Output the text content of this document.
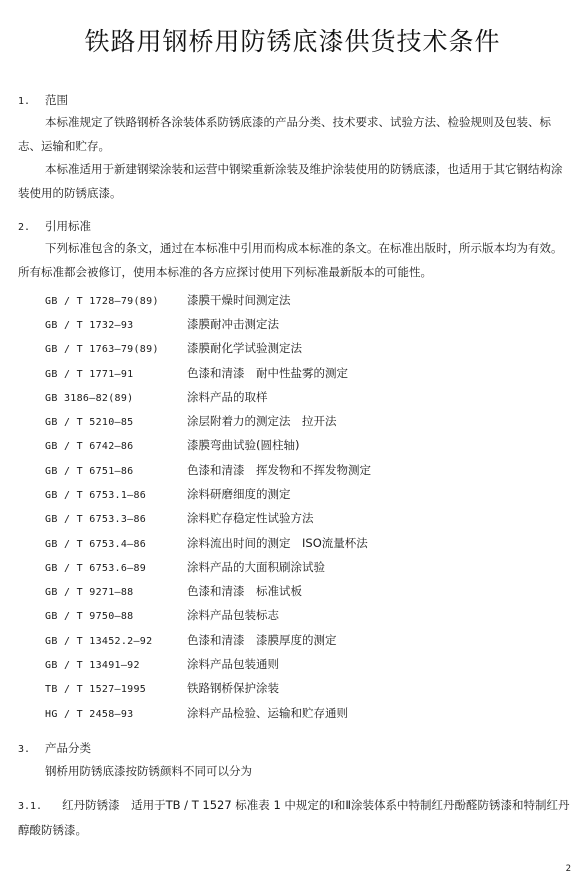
铁路用钢桥用防锈底漆供货技术条件
1. 范围
本标准规定了铁路钢桥各涂装体系防锈底漆的产品分类、技术要求、试验方法、检验规则及包装、标志、运输和贮存。
本标准适用于新建钢梁涂装和运营中钢梁重新涂装及维护涂装使用的防锈底漆，也适用于其它钢结构涂装使用的防锈底漆。
2. 引用标准
下列标准包含的条文，通过在本标准中引用而构成本标准的条文。在标准出版时，所示版本均为有效。所有标准都会被修订，使用本标准的各方应探讨使用下列标准最新版本的可能性。
GB / T 1728—79(89) 漆膜干燥时间测定法
GB / T 1732—93	漆膜耐冲击测定法
GB / T 1763—79(89) 漆膜耐化学试验测定法
GB / T 1771—91	色漆和清漆　耐中性盐雾的测定
GB 3186—82(89)	涂料产品的取样
GB / T 5210—85	涂层附着力的测定法　拉开法
GB / T 6742—86	漆膜弯曲试验(圆柱轴)
GB / T 6751—86	色漆和清漆　挥发物和不挥发物测定
GB / T 6753.1—86	涂料研磨细度的测定
GB / T 6753.3—86	涂料贮存稳定性试验方法
GB / T 6753.4—86	涂料流出时间的测定　ISO流量杯法
GB / T 6753.6—89	涂料产品的大面积刷涂试验
GB / T 9271—88	色漆和清漆　标准试板
GB / T 9750—88	涂料产品包装标志
GB / T 13452.2—92	色漆和清漆　漆膜厚度的测定
GB / T 13491—92	涂料产品包装通则
TB / T 1527—1995	铁路钢桥保护涂装
HG / T 2458—93	涂料产品检验、运输和贮存通则
3. 产品分类
钢桥用防锈底漆按防锈颜料不同可以分为
3.1. 红丹防锈漆　适用于TB / T 1527 标准表 1 中规定的Ⅰ和Ⅱ涂装体系中特制红丹酚醛防锈漆和特制红丹醇酸防锈漆。
2
